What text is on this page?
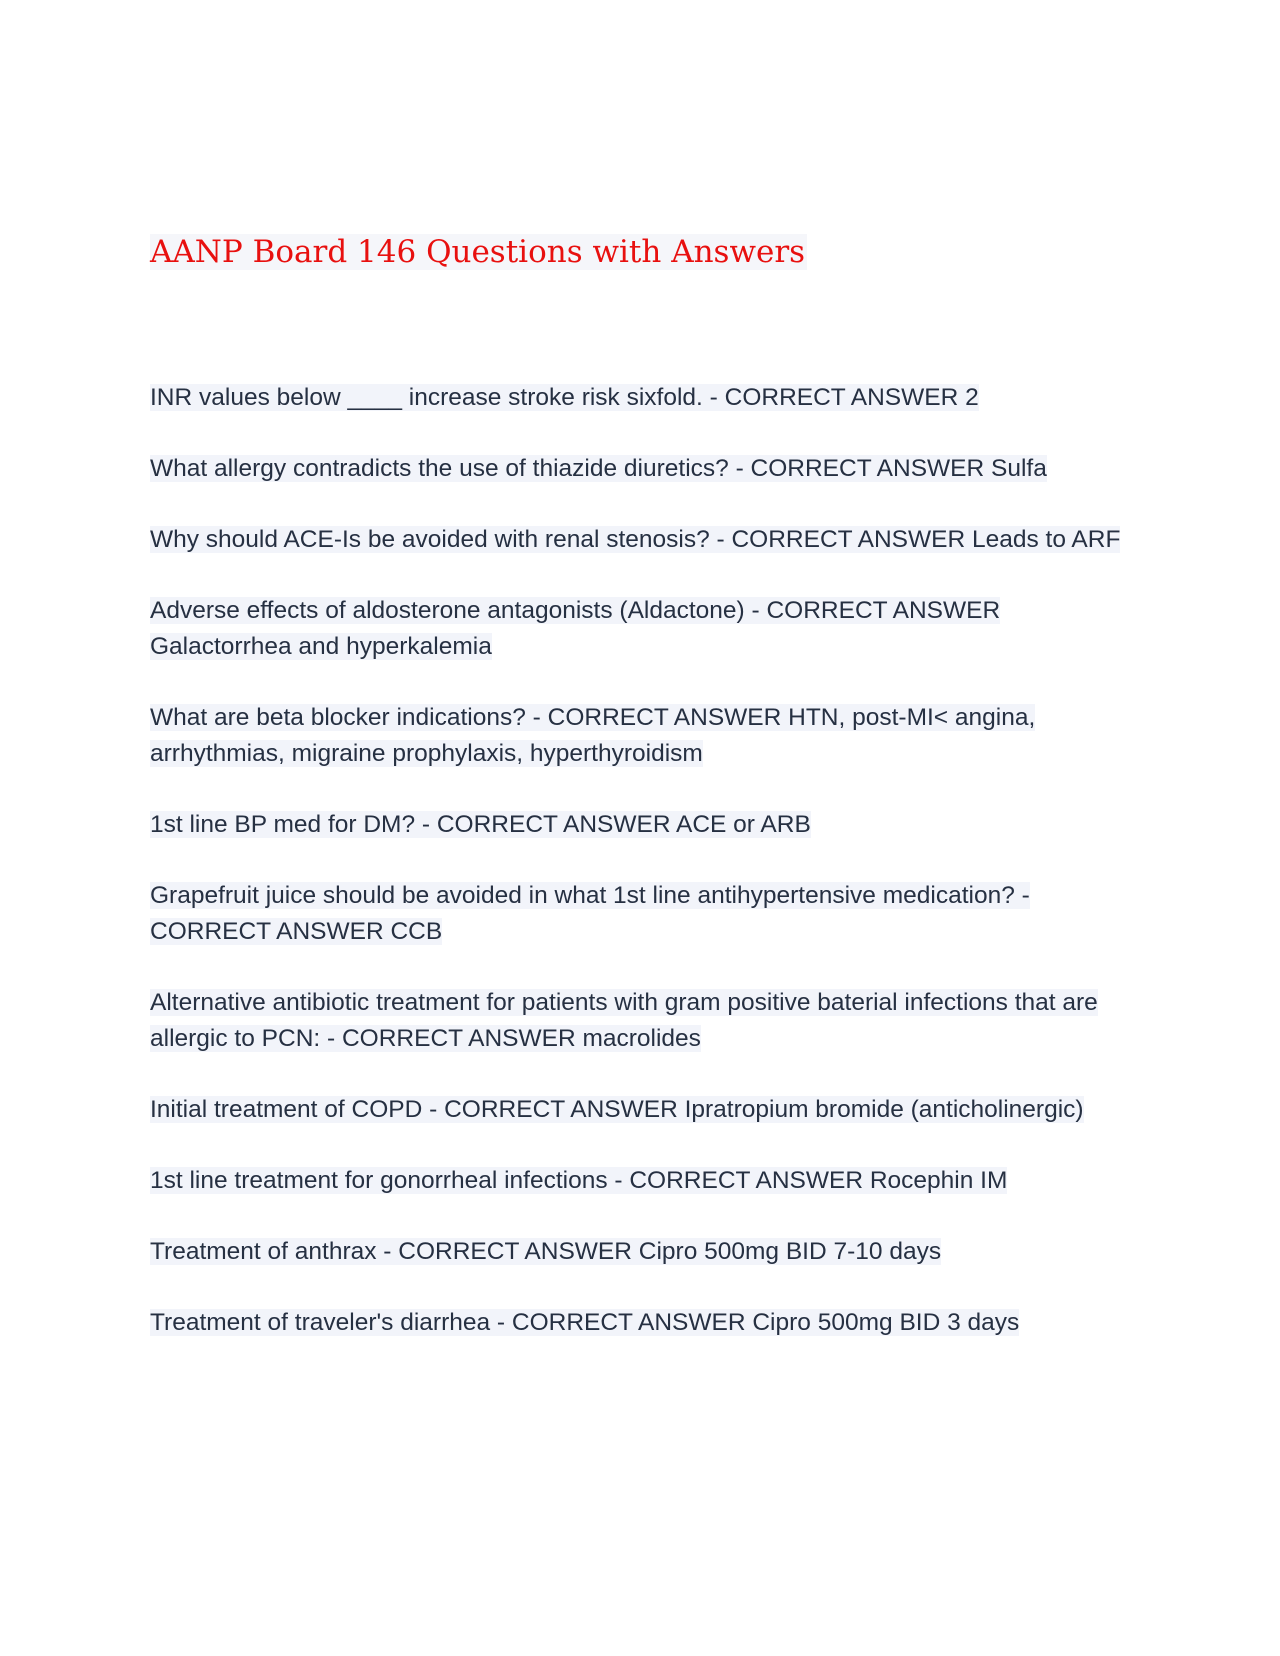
AANP Board 146 Questions with Answers
INR values below ____ increase stroke risk sixfold. - CORRECT ANSWER 2
What allergy contradicts the use of thiazide diuretics? - CORRECT ANSWER Sulfa
Why should ACE-Is be avoided with renal stenosis? - CORRECT ANSWER Leads to ARF
Adverse effects of aldosterone antagonists (Aldactone) - CORRECT ANSWER Galactorrhea and hyperkalemia
What are beta blocker indications? - CORRECT ANSWER HTN, post-MI< angina, arrhythmias, migraine prophylaxis, hyperthyroidism
1st line BP med for DM? - CORRECT ANSWER ACE or ARB
Grapefruit juice should be avoided in what 1st line antihypertensive medication? - CORRECT ANSWER CCB
Alternative antibiotic treatment for patients with gram positive baterial infections that are allergic to PCN: - CORRECT ANSWER macrolides
Initial treatment of COPD - CORRECT ANSWER Ipratropium bromide (anticholinergic)
1st line treatment for gonorrheal infections - CORRECT ANSWER Rocephin IM
Treatment of anthrax - CORRECT ANSWER Cipro 500mg BID 7-10 days
Treatment of traveler's diarrhea - CORRECT ANSWER Cipro 500mg BID 3 days
